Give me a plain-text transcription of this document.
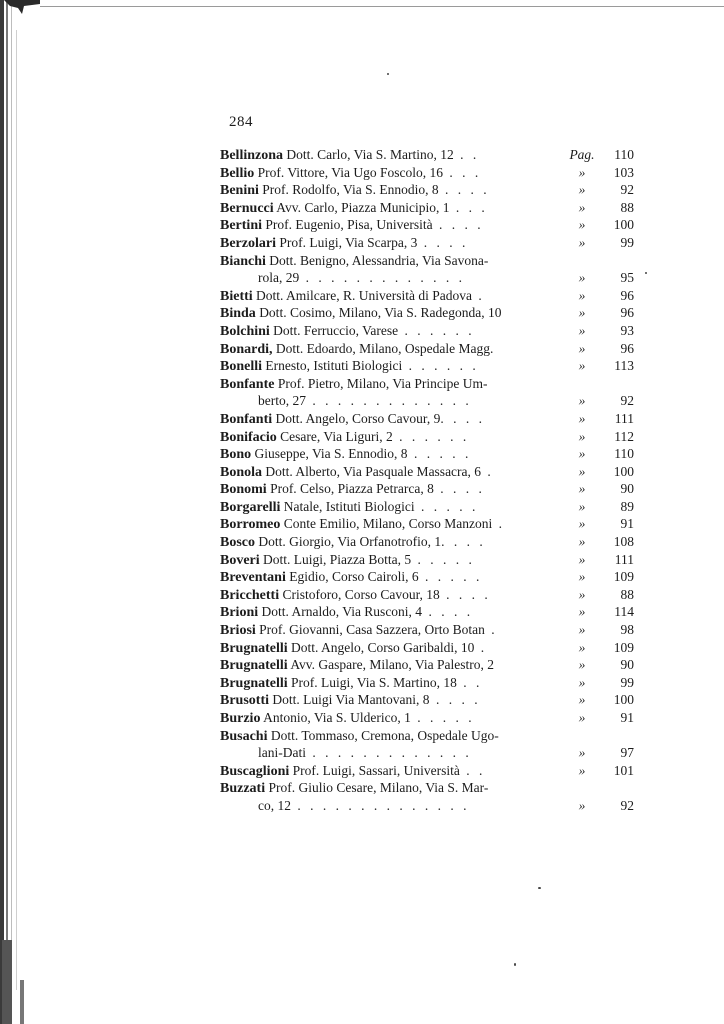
284
Bellinzona Dott. Carlo, Via S. Martino, 12 . .	Pag.	110
Bellio Prof. Vittore, Via Ugo Foscolo, 16 . . .	»	103
Benini Prof. Rodolfo, Via S. Ennodio, 8 . . . .	»	92
Bernucci Avv. Carlo, Piazza Municipio, 1 . . .	»	88
Bertini Prof. Eugenio, Pisa, Università . . . .	»	100
Berzolari Prof. Luigi, Via Scarpa, 3 . . . .	»	99
Bianchi Dott. Benigno, Alessandria, Via Savona-
rola, 29 . . . . . . . . . . . . .	»	95
Bietti Dott. Amilcare, R. Università di Padova .	»	96
Binda Dott. Cosimo, Milano, Via S. Radegonda, 10	»	96
Bolchini Dott. Ferruccio, Varese . . . . . .	»	93
Bonardi, Dott. Edoardo, Milano, Ospedale Magg.	»	96
Bonelli Ernesto, Istituti Biologici . . . . . .	»	113
Bonfante Prof. Pietro, Milano, Via Principe Um-
berto, 27 . . . . . . . . . . . . .	»	92
Bonfanti Dott. Angelo, Corso Cavour, 9. . . .	»	111
Bonifacio Cesare, Via Liguri, 2 . . . . . .	»	112
Bono Giuseppe, Via S. Ennodio, 8 . . . . .	»	110
Bonola Dott. Alberto, Via Pasquale Massacra, 6 .	»	100
Bonomi Prof. Celso, Piazza Petrarca, 8 . . . .	»	90
Borgarelli Natale, Istituti Biologici . . . . .	»	89
Borromeo Conte Emilio, Milano, Corso Manzoni .	»	91
Bosco Dott. Giorgio, Via Orfanotrofio, 1. . . .	»	108
Boveri Dott. Luigi, Piazza Botta, 5 . . . . .	»	111
Breventani Egidio, Corso Cairoli, 6 . . . . .	»	109
Bricchetti Cristoforo, Corso Cavour, 18 . . . .	»	88
Brioni Dott. Arnaldo, Via Rusconi, 4 . . . .	»	114
Briosi Prof. Giovanni, Casa Sazzera, Orto Botan .	»	98
Brugnatelli Dott. Angelo, Corso Garibaldi, 10 .	»	109
Brugnatelli Avv. Gaspare, Milano, Via Palestro, 2	»	90
Brugnatelli Prof. Luigi, Via S. Martino, 18 . .	»	99
Brusotti Dott. Luigi Via Mantovani, 8 . . . .	»	100
Burzio Antonio, Via S. Ulderico, 1 . . . . .	»	91
Busachi Dott. Tommaso, Cremona, Ospedale Ugo-
lani-Dati . . . . . . . . . . . . .	»	97
Buscaglioni Prof. Luigi, Sassari, Università . .	»	101
Buzzati Prof. Giulio Cesare, Milano, Via S. Mar-
co, 12 . . . . . . . . . . . . . .	»	92
